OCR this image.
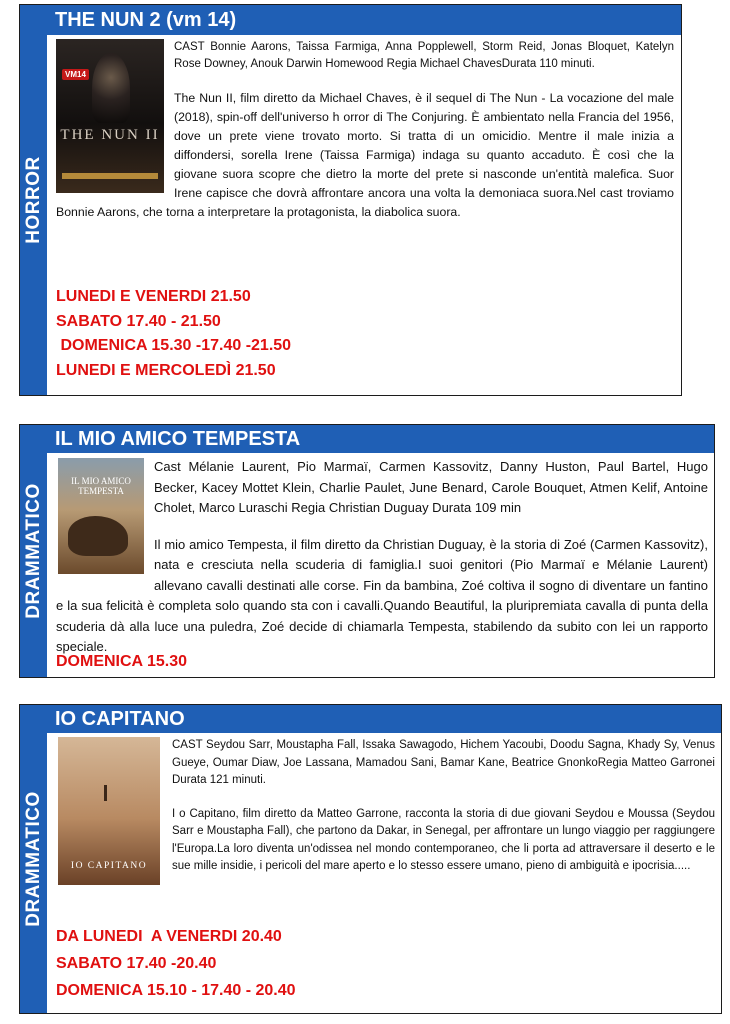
HORROR
THE NUN 2 (vm 14)
VM14
THE NUN II

CAST Bonnie Aarons, Taissa Farmiga, Anna Popplewell, Storm Reid, Jonas Bloquet, Katelyn Rose Downey, Anouk Darwin Homewood Regia Michael ChavesDurata 110 minuti.

The Nun II, film diretto da Michael Chaves, è il sequel di The Nun - La vocazione del male (2018), spin-off dell'universo h orror di The Conjuring. È ambientato nella Francia del 1956, dove un prete viene trovato morto. Si tratta di un omicidio. Mentre il male inizia a diffondersi, sorella Irene (Taissa Farmiga) indaga su quanto accaduto. È così che la giovane suora scopre che dietro la morte del prete si nasconde un'entità malefica. Suor Irene capisce che dovrà affrontare ancora una volta la demoniaca suora.Nel cast troviamo Bonnie Aarons, che torna a interpretare la protagonista, la diabolica suora.

LUNEDI E VENERDI 21.50
SABATO 17.40 - 21.50
DOMENICA 15.30 -17.40 -21.50
LUNEDI E MERCOLEDÌ 21.50
DRAMMATICO
IL MIO AMICO TEMPESTA
IL MIO AMICO TEMPESTA

Cast Mélanie Laurent, Pio Marmaï, Carmen Kassovitz, Danny Huston, Paul Bartel, Hugo Becker, Kacey Mottet Klein, Charlie Paulet, June Benard, Carole Bouquet, Atmen Kelif, Antoine Cholet, Marco Luraschi Regia Christian Duguay Durata 109 min

Il mio amico Tempesta, il film diretto da Christian Duguay, è la storia di Zoé (Carmen Kassovitz), nata e cresciuta nella scuderia di famiglia.I suoi genitori (Pio Marmaï e Mélanie Laurent) allevano cavalli destinati alle corse. Fin da bambina, Zoé coltiva il sogno di diventare un fantino e la sua felicità è completa solo quando sta con i cavalli.Quando Beautiful, la pluripremiata cavalla di punta della scuderia dà alla luce una puledra, Zoé decide di chiamarla Tempesta, stabilendo da subito con lei un rapporto speciale.

DOMENICA 15.30
DRAMMATICO
IO CAPITANO
IO CAPITANO

CAST Seydou Sarr, Moustapha Fall, Issaka Sawagodo, Hichem Yacoubi, Doodu Sagna, Khady Sy, Venus Gueye, Oumar Diaw, Joe Lassana, Mamadou Sani, Bamar Kane, Beatrice GnonkoRegia Matteo Garronei Durata 121 minuti.

I o Capitano, film diretto da Matteo Garrone, racconta la storia di due giovani Seydou e Moussa (Seydou Sarr e Moustapha Fall), che partono da Dakar, in Senegal, per affrontare un lungo viaggio per raggiungere l'Europa.La loro diventa un'odissea nel mondo contemporaneo, che li porta ad attraversare il deserto e le sue mille insidie, i pericoli del mare aperto e lo stesso essere umano, pieno di ambiguità e ipocrisia.....

DA LUNEDI  A VENERDI 20.40
SABATO 17.40 -20.40
DOMENICA 15.10 - 17.40 - 20.40
